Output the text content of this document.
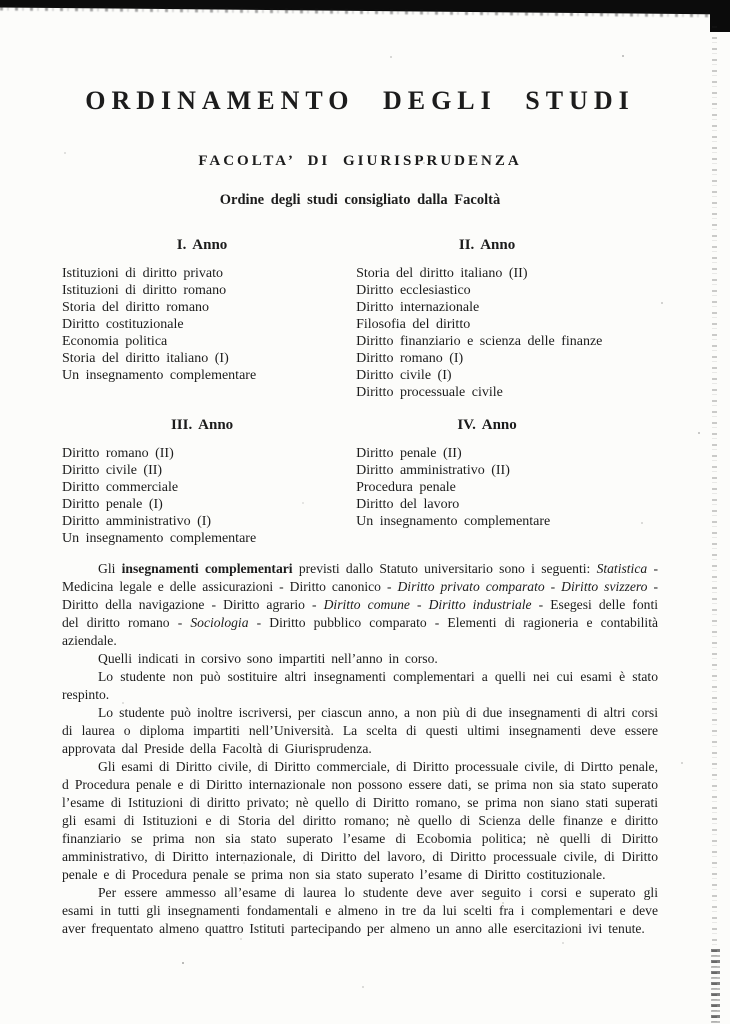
ORDINAMENTO DEGLI STUDI
FACOLTA’ DI GIURISPRUDENZA
Ordine degli studi consigliato dalla Facoltà
I. Anno
Istituzioni di diritto privato
Istituzioni di diritto romano
Storia del diritto romano
Diritto costituzionale
Economia politica
Storia del diritto italiano (I)
Un insegnamento complementare
II. Anno
Storia del diritto italiano (II)
Diritto ecclesiastico
Diritto internazionale
Filosofia del diritto
Diritto finanziario e scienza delle finanze
Diritto romano (I)
Diritto civile (I)
Diritto processuale civile
III. Anno
Diritto romano (II)
Diritto civile (II)
Diritto commerciale
Diritto penale (I)
Diritto amministrativo (I)
Un insegnamento complementare
IV. Anno
Diritto penale (II)
Diritto amministrativo (II)
Procedura penale
Diritto del lavoro
Un insegnamento complementare

Gli insegnamenti complementari previsti dallo Statuto universitario sono i seguenti: Statistica - Medicina legale e delle assicurazioni - Diritto canonico - Diritto privato comparato - Diritto svizzero - Diritto della navigazione - Diritto agrario - Diritto comune - Diritto industriale - Esegesi delle fonti del diritto romano - Sociologia - Diritto pubblico comparato - Elementi di ragioneria e contabilità aziendale.

Quelli indicati in corsivo sono impartiti nell’anno in corso.

Lo studente non può sostituire altri insegnamenti complementari a quelli nei cui esami è stato respinto.

Lo studente può inoltre iscriversi, per ciascun anno, a non più di due insegnamenti di altri corsi di laurea o diploma impartiti nell’Università. La scelta di questi ultimi insegnamenti deve essere approvata dal Preside della Facoltà di Giurisprudenza.

Gli esami di Diritto civile, di Diritto commerciale, di Diritto processuale civile, di Dirtto penale, d Procedura penale e di Diritto internazionale non possono essere dati, se prima non sia stato superato l’esame di Istituzioni di diritto privato; nè quello di Diritto romano, se prima non siano stati superati gli esami di Istituzioni e di Storia del diritto romano; nè quello di Scienza delle finanze e diritto finanziario se prima non sia stato superato l’esame di Ecobomia politica; nè quelli di Diritto amministrativo, di Diritto internazionale, di Diritto del lavoro, di Diritto processuale civile, di Diritto penale e di Procedura penale se prima non sia stato superato l’esame di Diritto costituzionale.

Per essere ammesso all’esame di laurea lo studente deve aver seguito i corsi e superato gli esami in tutti gli insegnamenti fondamentali e almeno in tre da lui scelti fra i complementari e deve aver frequentato almeno quattro Istituti partecipando per almeno un anno alle esercitazioni ivi tenute.
